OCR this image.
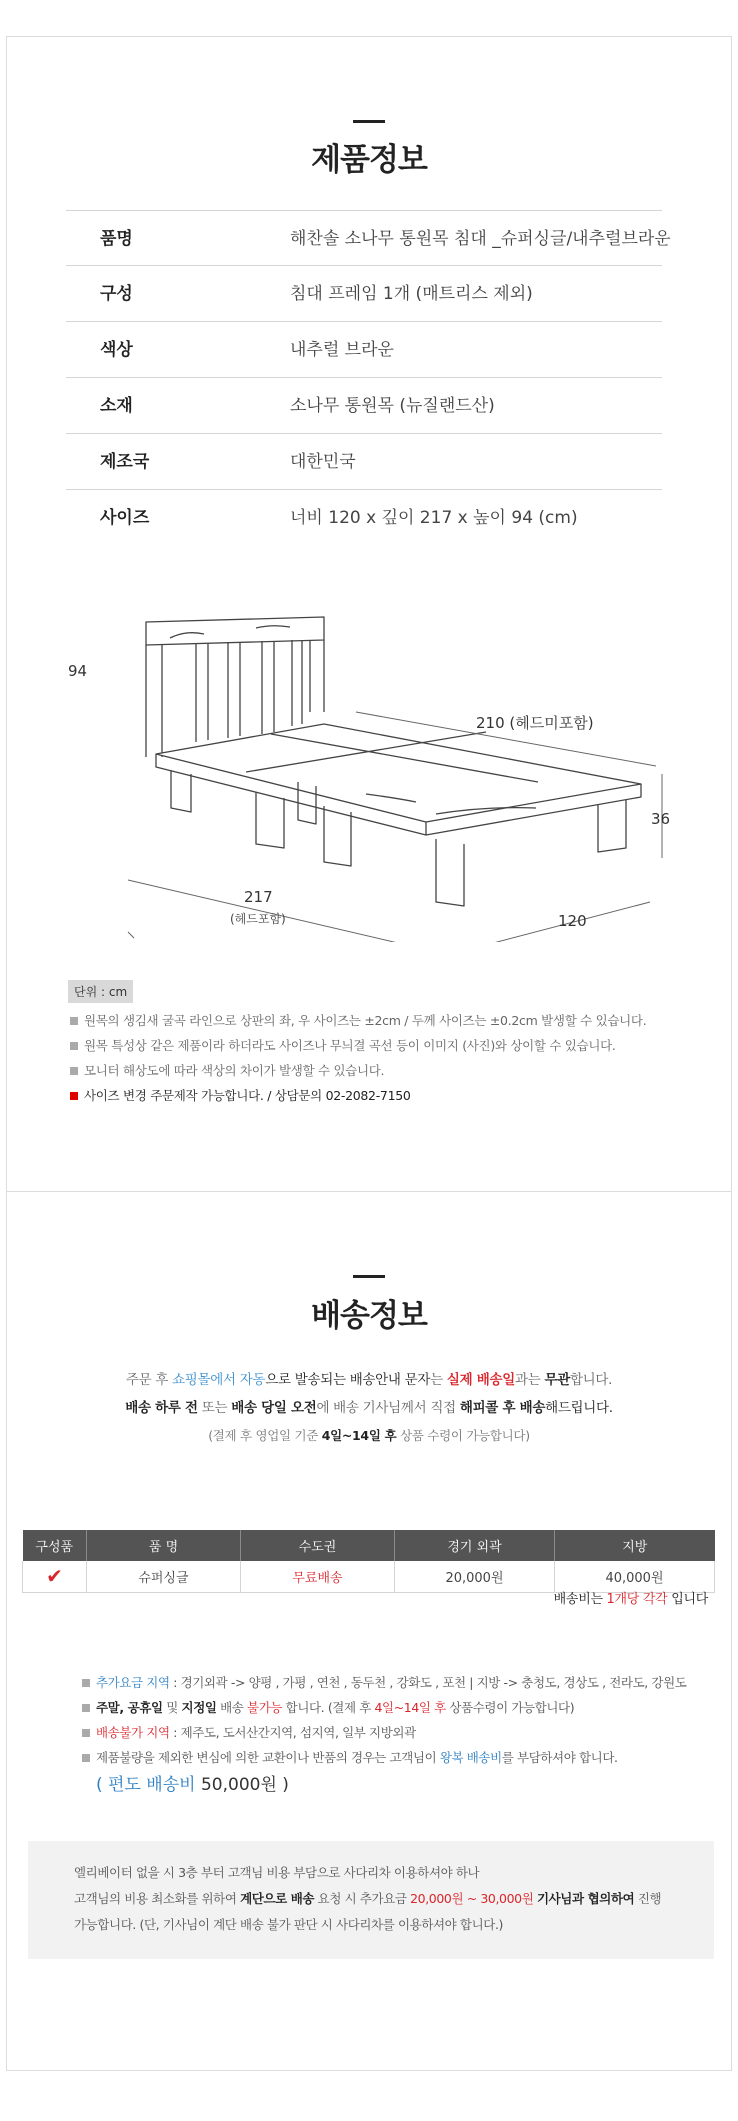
제품정보
품명	해찬솔 소나무 통원목 침대 _슈퍼싱글/내추럴브라운
구성	침대 프레임 1개 (매트리스 제외)
색상	내추럴 브라운
소재	소나무 통원목 (뉴질랜드산)
제조국	대한민국
사이즈	너비 120 x 깊이 217 x 높이 94 (cm)
94
210 (헤드미포함)
36
217
(헤드포함)	120
단위 : cm
원목의 생김새 굴곡 라인으로 상판의 좌, 우 사이즈는 ±2cm / 두께 사이즈는 ±0.2cm 발생할 수 있습니다.
원목 특성상 같은 제품이라 하더라도 사이즈나 무늬결 곡선 등이 이미지 (사진)와 상이할 수 있습니다.
모니터 해상도에 따라 색상의 차이가 발생할 수 있습니다.
사이즈 변경 주문제작 가능합니다. / 상담문의 02-2082-7150
배송정보

주문 후 쇼핑몰에서 자동으로 발송되는 배송안내 문자는 실제 배송일과는 무관합니다.

배송 하루 전 또는 배송 당일 오전에 배송 기사님께서 직접 해피콜 후 배송해드립니다.

(결제 후 영업일 기준 4일~14일 후 상품 수령이 가능합니다)

구성품	품 명	수도권	경기 외곽	지방
✔	슈퍼싱글	무료배송	20,000원	40,000원
배송비는 1개당 각각 입니다
추가요금 지역 : 경기외곽 -> 양평 , 가평 , 연천 , 동두천 , 강화도 , 포천 | 지방 -> 충청도, 경상도 , 전라도, 강원도
주말, 공휴일 및 지정일 배송 불가능 합니다. (결제 후 4일~14일 후 상품수령이 가능합니다)
배송불가 지역 : 제주도, 도서산간지역, 섬지역, 일부 지방외곽
제품불량을 제외한 변심에 의한 교환이나 반품의 경우는 고객님이 왕복 배송비를 부담하셔야 합니다.
( 편도 배송비 50,000원 )

엘리베이터 없을 시 3층 부터 고객님 비용 부담으로 사다리차 이용하셔야 하나

고객님의 비용 최소화를 위하여 계단으로 배송 요청 시 추가요금 20,000원 ~ 30,000원 기사님과 협의하여 진행

가능합니다. (단, 기사님이 계단 배송 불가 판단 시 사다리차를 이용하셔야 합니다.)
